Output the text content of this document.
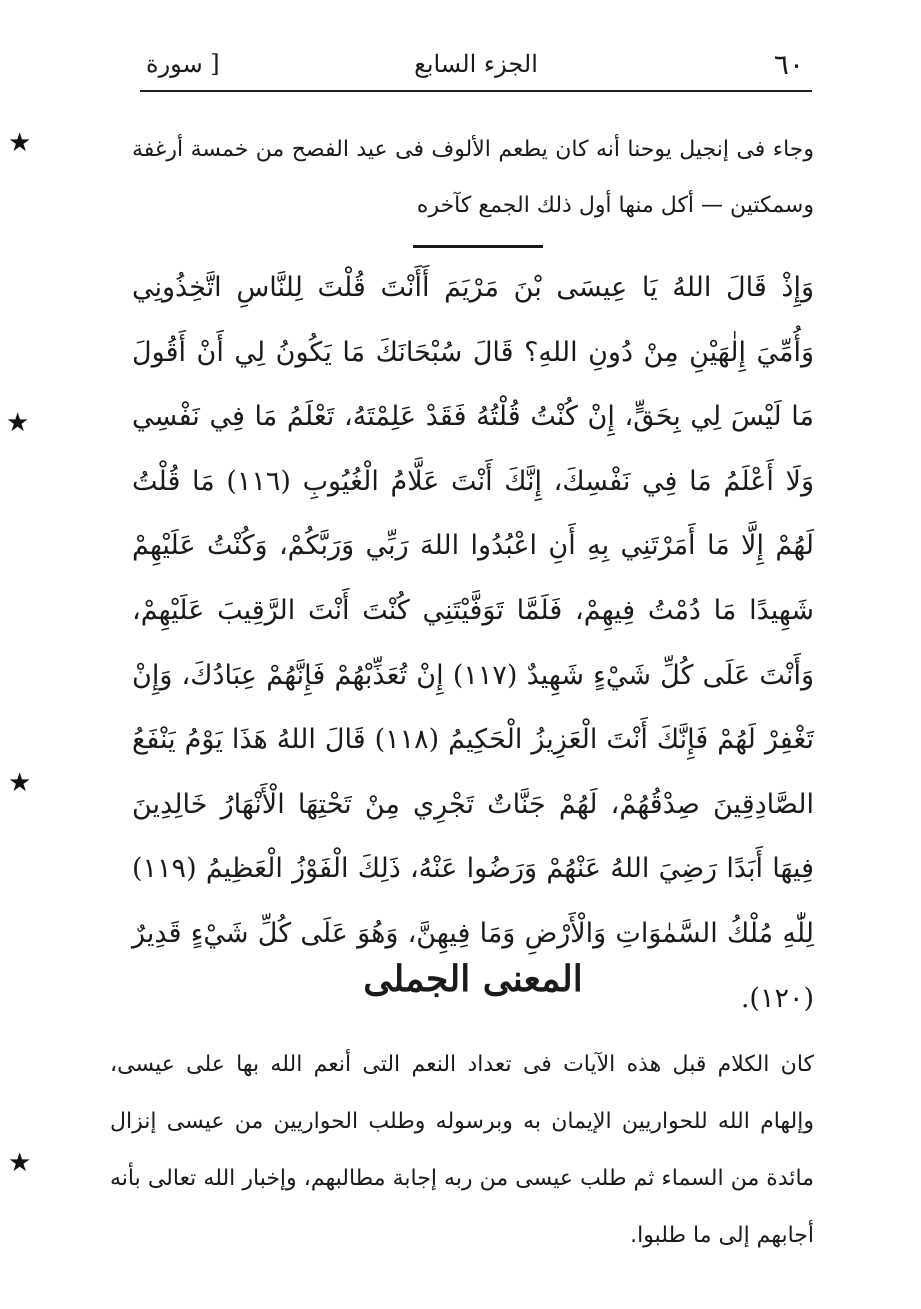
٦٠
الجزء السابع
[ سورة
وجاء فى إنجيل يوحنا أنه كان يطعم الألوف فى عيد الفصح من خمسة أرغفة وسمكتين — أكل منها أول ذلك الجمع كآخره
وَإِذْ قَالَ اللهُ يَا عِيسَى بْنَ مَرْيَمَ أَأَنْتَ قُلْتَ لِلنَّاسِ اتَّخِذُونِي وَأُمِّيَ إِلٰهَيْنِ مِنْ دُونِ اللهِ؟ قَالَ سُبْحَانَكَ مَا يَكُونُ لِي أَنْ أَقُولَ مَا لَيْسَ لِي بِحَقٍّ، إِنْ كُنْتُ قُلْتُهُ فَقَدْ عَلِمْتَهُ، تَعْلَمُ مَا فِي نَفْسِي وَلَا أَعْلَمُ مَا فِي نَفْسِكَ، إِنَّكَ أَنْتَ عَلَّامُ الْغُيُوبِ (١١٦) مَا قُلْتُ لَهُمْ إِلَّا مَا أَمَرْتَنِي بِهِ أَنِ اعْبُدُوا اللهَ رَبِّي وَرَبَّكُمْ، وَكُنْتُ عَلَيْهِمْ شَهِيدًا مَا دُمْتُ فِيهِمْ، فَلَمَّا تَوَفَّيْتَنِي كُنْتَ أَنْتَ الرَّقِيبَ عَلَيْهِمْ، وَأَنْتَ عَلَى كُلِّ شَيْءٍ شَهِيدٌ (١١٧) إِنْ تُعَذِّبْهُمْ فَإِنَّهُمْ عِبَادُكَ، وَإِنْ تَغْفِرْ لَهُمْ فَإِنَّكَ أَنْتَ الْعَزِيزُ الْحَكِيمُ (١١٨) قَالَ اللهُ هَذَا يَوْمُ يَنْفَعُ الصَّادِقِينَ صِدْقُهُمْ، لَهُمْ جَنَّاتٌ تَجْرِي مِنْ تَحْتِهَا الْأَنْهَارُ خَالِدِينَ فِيهَا أَبَدًا رَضِيَ اللهُ عَنْهُمْ وَرَضُوا عَنْهُ، ذَلِكَ الْفَوْزُ الْعَظِيمُ (١١٩) لِلّٰهِ مُلْكُ السَّمٰوَاتِ وَالْأَرْضِ وَمَا فِيهِنَّ، وَهُوَ عَلَى كُلِّ شَيْءٍ قَدِيرٌ (١٢٠).
المعنى الجملى
كان الكلام قبل هذه الآيات فى تعداد النعم التى أنعم الله بها على عيسى، وإلهام الله للحواريين الإيمان به وبرسوله وطلب الحواريين من عيسى إنزال مائدة من السماء ثم طلب عيسى من ربه إجابة مطالبهم، وإخبار الله تعالى بأنه أجابهم إلى ما طلبوا.
★
★
★
★
